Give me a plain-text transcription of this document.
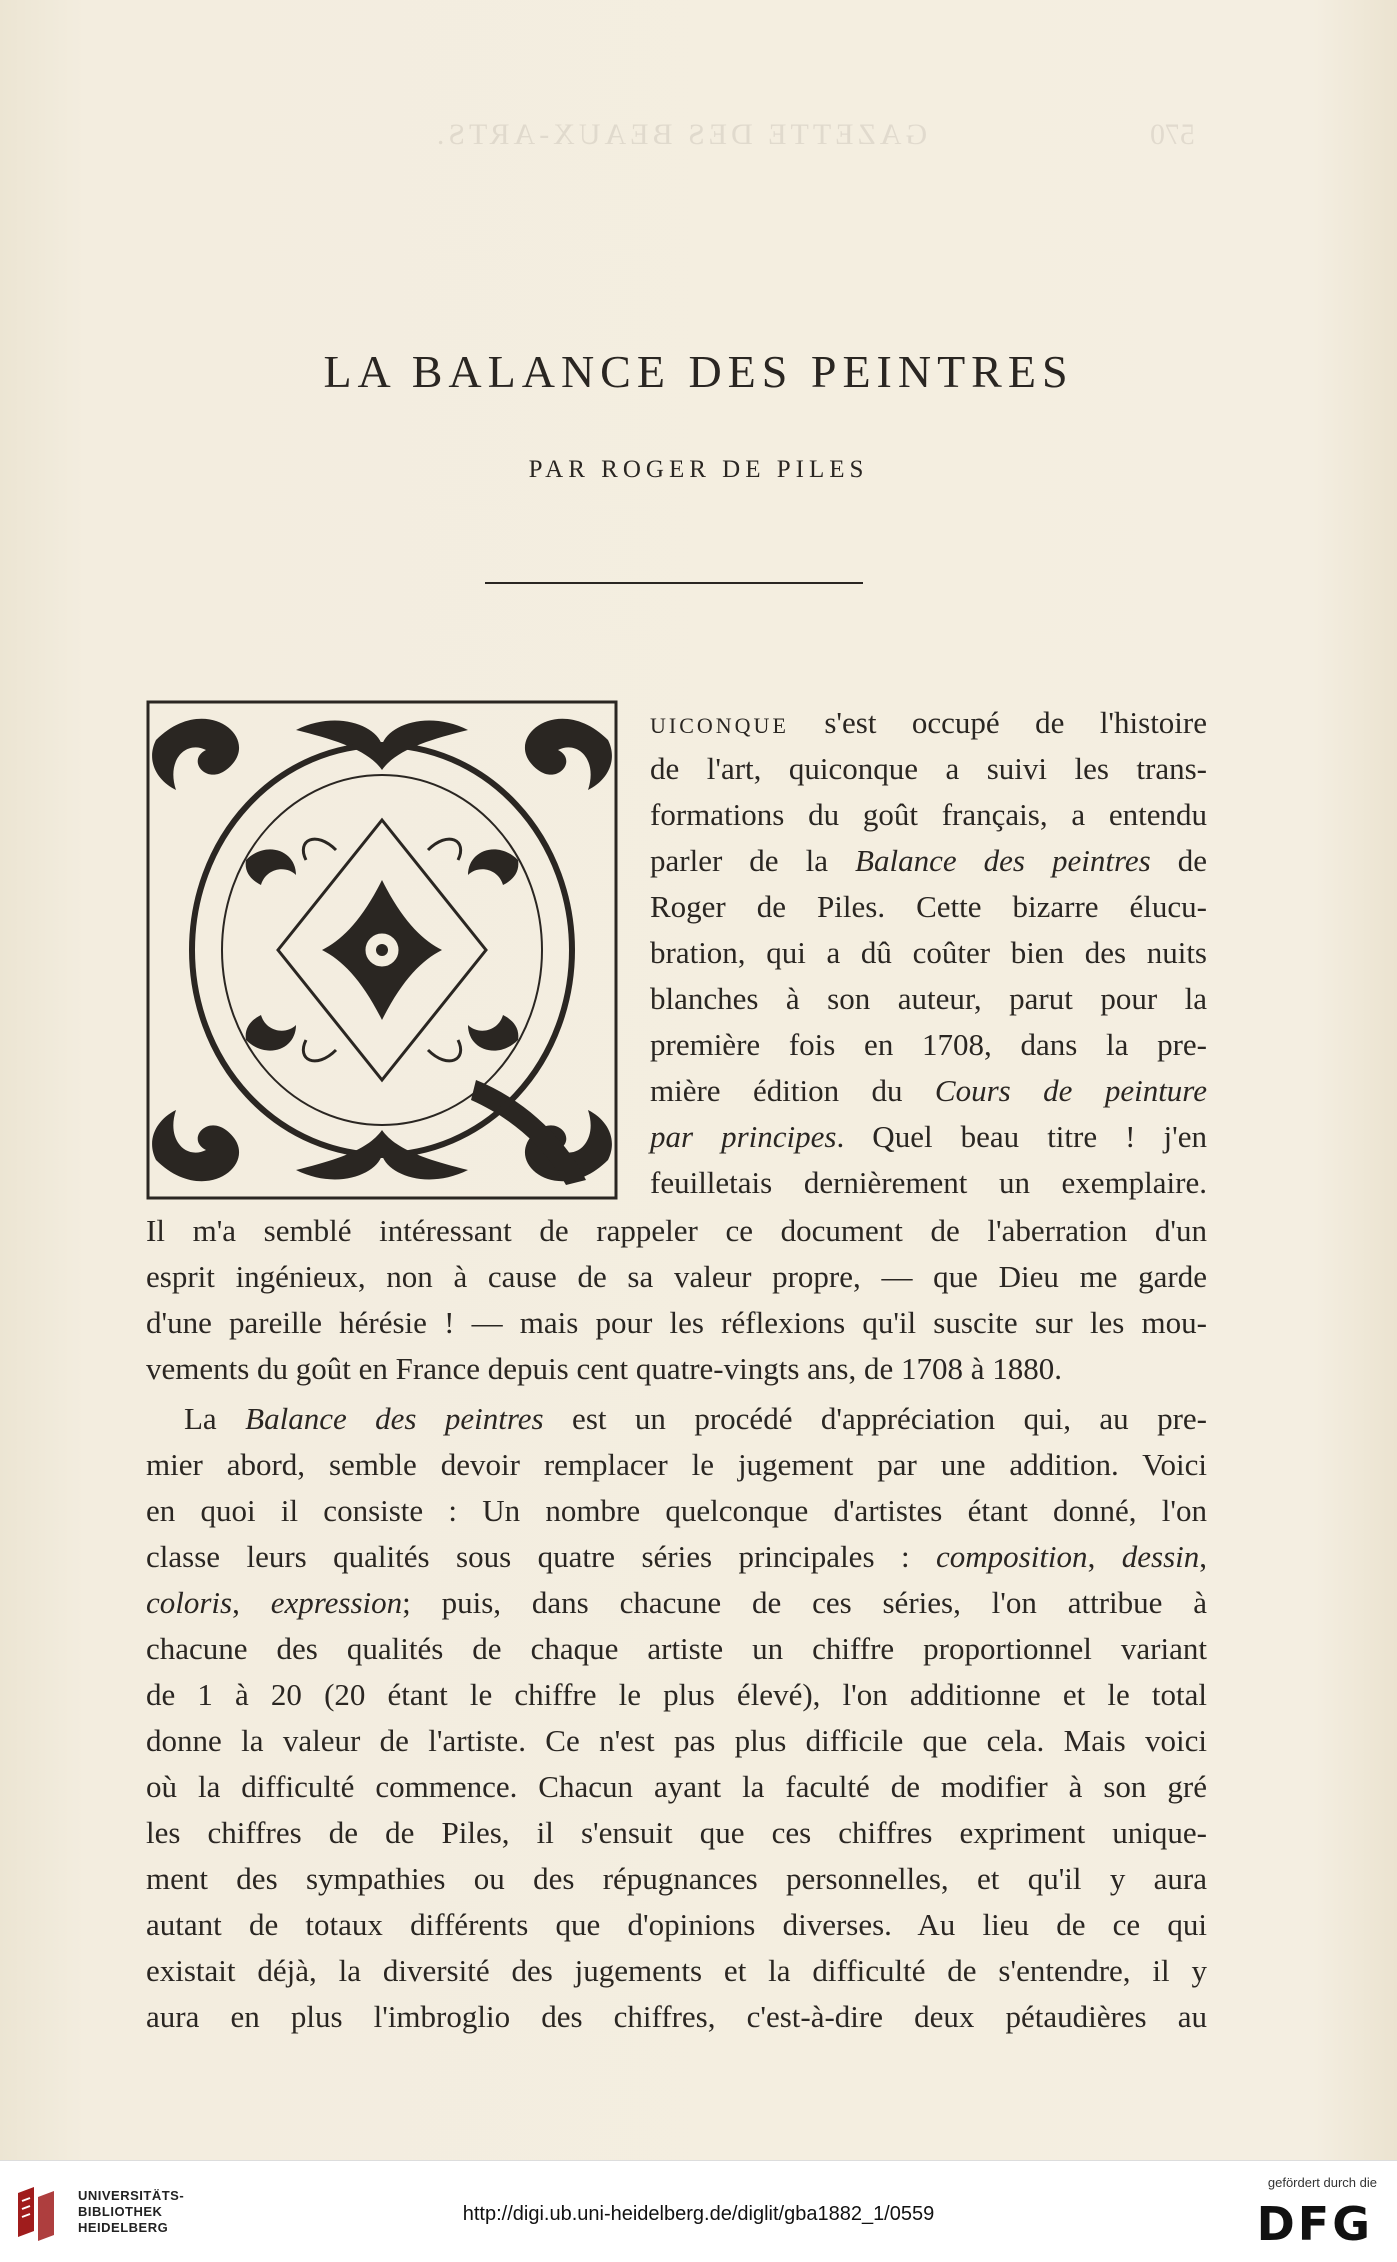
GAZETTE DES BEAUX-ARTS.	570
LA BALANCE DES PEINTRES
PAR ROGER DE PILES
UICONQUE s'est occupé de l'histoire
de l'art, quiconque a suivi les trans-
formations du goût français, a entendu
parler de la Balance des peintres de
Roger de Piles. Cette bizarre élucu-
bration, qui a dû coûter bien des nuits
blanches à son auteur, parut pour la
première fois en 1708, dans la pre-
mière édition du Cours de peinture
par principes. Quel beau titre ! j'en
feuilletais dernièrement un exemplaire.
Il m'a semblé intéressant de rappeler ce document de l'aberration d'un
esprit ingénieux, non à cause de sa valeur propre, — que Dieu me garde
d'une pareille hérésie ! — mais pour les réflexions qu'il suscite sur les mou-
vements du goût en France depuis cent quatre-vingts ans, de 1708 à 1880.
La Balance des peintres est un procédé d'appréciation qui, au pre-
mier abord, semble devoir remplacer le jugement par une addition. Voici
en quoi il consiste : Un nombre quelconque d'artistes étant donné, l'on
classe leurs qualités sous quatre séries principales : composition, dessin,
coloris, expression; puis, dans chacune de ces séries, l'on attribue à
chacune des qualités de chaque artiste un chiffre proportionnel variant
de 1 à 20 (20 étant le chiffre le plus élevé), l'on additionne et le total
donne la valeur de l'artiste. Ce n'est pas plus difficile que cela. Mais voici
où la difficulté commence. Chacun ayant la faculté de modifier à son gré
les chiffres de de Piles, il s'ensuit que ces chiffres expriment unique-
ment des sympathies ou des répugnances personnelles, et qu'il y aura
autant de totaux différents que d'opinions diverses. Au lieu de ce qui
existait déjà, la diversité des jugements et la difficulté de s'entendre, il y
aura en plus l'imbroglio des chiffres, c'est-à-dire deux pétaudières au
UNIVERSITÄTS-
BIBLIOTHEK
HEIDELBERG
http://digi.ub.uni-heidelberg.de/diglit/gba1882_1/0559
gefördert durch die
DFG
